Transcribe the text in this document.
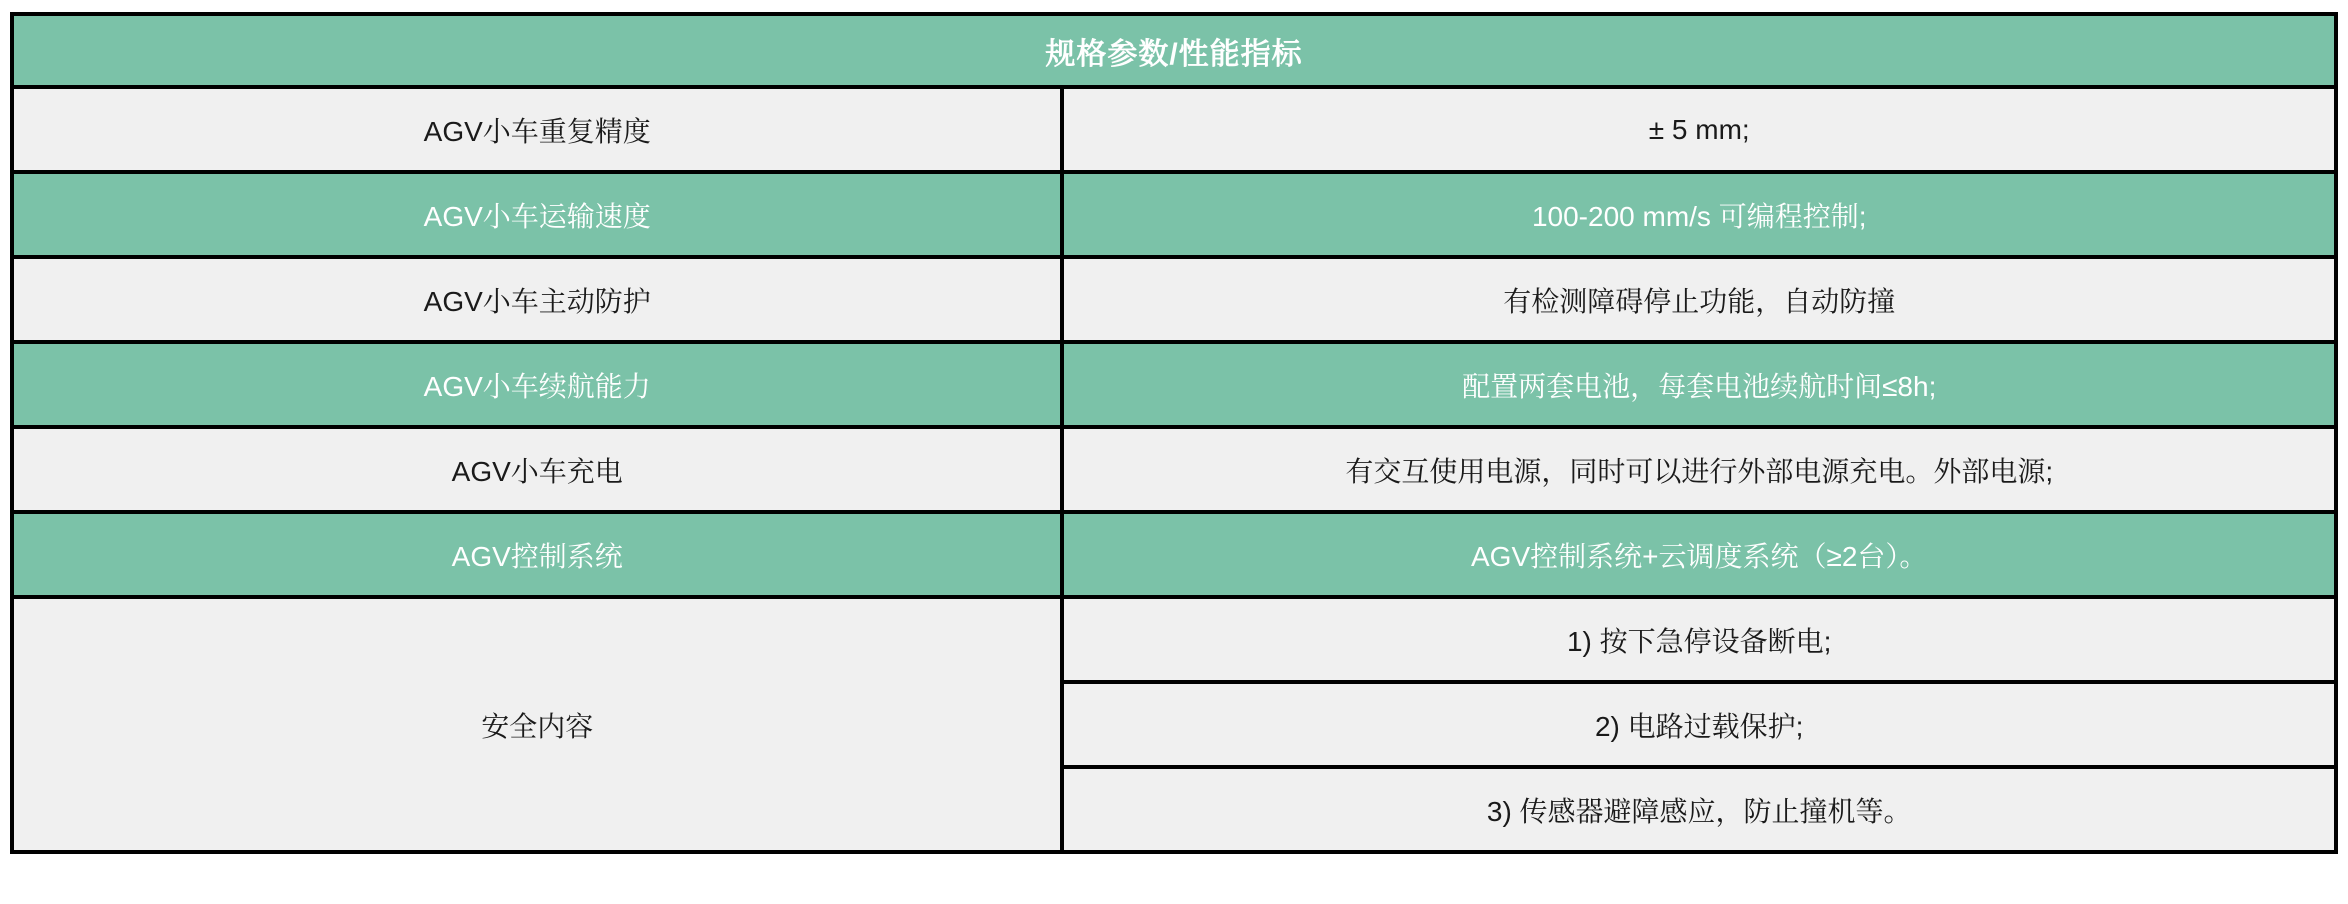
规格参数/性能指标	
AGV小车重复精度	± 5 mm;
AGV小车运输速度	100-200 mm/s 可编程控制;
AGV小车主动防护	有检测障碍停止功能，自动防撞
AGV小车续航能力	配置两套电池，每套电池续航时间≤8h;
AGV小车充电	有交互使用电源，同时可以进行外部电源充电。外部电源;
AGV控制系统	AGV控制系统+云调度系统（≥2台）。
安全内容	1) 按下急停设备断电;
	2) 电路过载保护;
	3) 传感器避障感应，防止撞机等。
